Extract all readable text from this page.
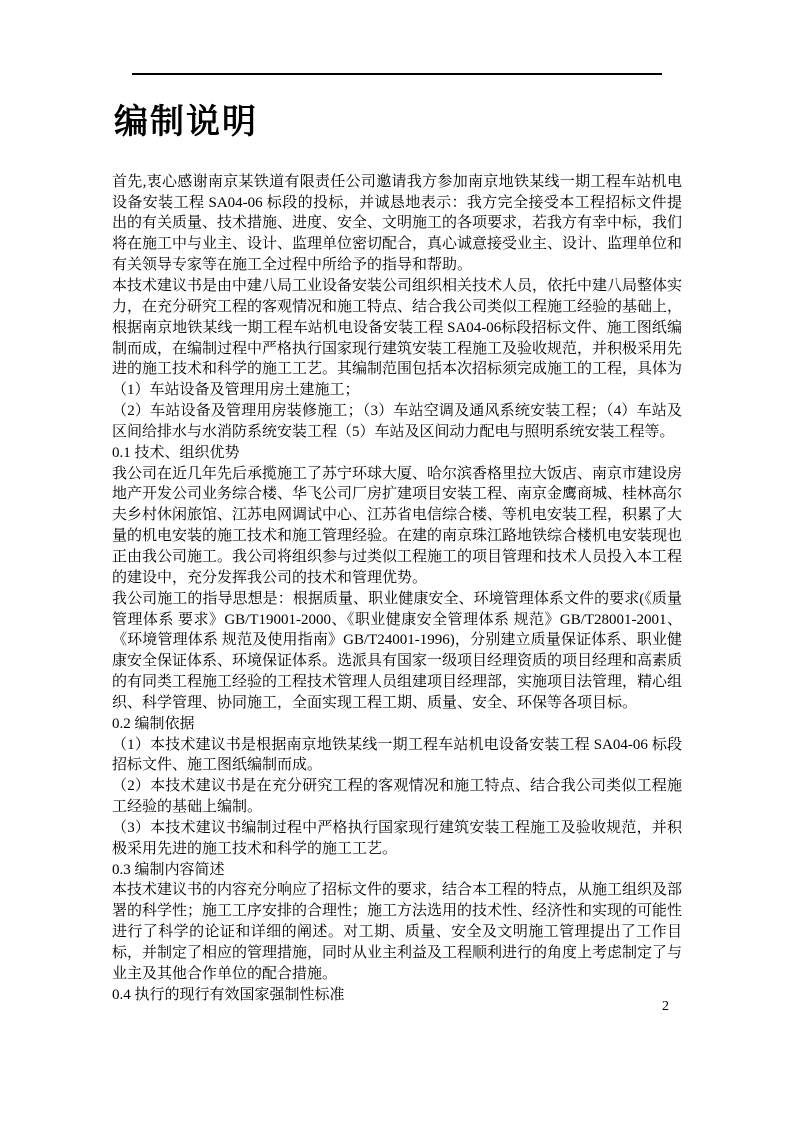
编制说明

首先,衷心感谢南京某铁道有限责任公司邀请我方参加南京地铁某线一期工程车站机电设备安装工程 SA04-06 标段的投标，并诚恳地表示：我方完全接受本工程招标文件提出的有关质量、技术措施、进度、安全、文明施工的各项要求，若我方有幸中标，我们将在施工中与业主、设计、监理单位密切配合，真心诚意接受业主、设计、监理单位和有关领导专家等在施工全过程中所给予的指导和帮助。

本技术建议书是由中建八局工业设备安装公司组织相关技术人员，依托中建八局整体实力，在充分研究工程的客观情况和施工特点、结合我公司类似工程施工经验的基础上，根据南京地铁某线一期工程车站机电设备安装工程 SA04-06标段招标文件、施工图纸编制而成，在编制过程中严格执行国家现行建筑安装工程施工及验收规范，并积极采用先进的施工技术和科学的施工工艺。其编制范围包括本次招标须完成施工的工程，具体为（1）车站设备及管理用房土建施工；

（2）车站设备及管理用房装修施工；（3）车站空调及通风系统安装工程；（4）车站及区间给排水与水消防系统安装工程（5）车站及区间动力配电与照明系统安装工程等。

0.1 技术、组织优势

我公司在近几年先后承揽施工了苏宁环球大厦、哈尔滨香格里拉大饭店、南京市建设房地产开发公司业务综合楼、华飞公司厂房扩建项目安装工程、南京金鹰商城、桂林高尔夫乡村休闲旅馆、江苏电网调试中心、江苏省电信综合楼、等机电安装工程，积累了大量的机电安装的施工技术和施工管理经验。在建的南京珠江路地铁综合楼机电安装现也正由我公司施工。我公司将组织参与过类似工程施工的项目管理和技术人员投入本工程的建设中，充分发挥我公司的技术和管理优势。

我公司施工的指导思想是：根据质量、职业健康安全、环境管理体系文件的要求(《质量管理体系 要求》GB/T19001-2000、《职业健康安全管理体系 规范》GB/T28001-2001、《环境管理体系 规范及使用指南》GB/T24001-1996)，分别建立质量保证体系、职业健康安全保证体系、环境保证体系。选派具有国家一级项目经理资质的项目经理和高素质的有同类工程施工经验的工程技术管理人员组建项目经理部，实施项目法管理，精心组织、科学管理、协同施工，全面实现工程工期、质量、安全、环保等各项目标。

0.2 编制依据

（1）本技术建议书是根据南京地铁某线一期工程车站机电设备安装工程 SA04-06 标段招标文件、施工图纸编制而成。

（2）本技术建议书是在充分研究工程的客观情况和施工特点、结合我公司类似工程施工经验的基础上编制。

（3）本技术建议书编制过程中严格执行国家现行建筑安装工程施工及验收规范，并积极采用先进的施工技术和科学的施工工艺。

0.3 编制内容简述

本技术建议书的内容充分响应了招标文件的要求，结合本工程的特点，从施工组织及部署的科学性；施工工序安排的合理性；施工方法选用的技术性、经济性和实现的可能性进行了科学的论证和详细的阐述。对工期、质量、安全及文明施工管理提出了工作目标，并制定了相应的管理措施，同时从业主利益及工程顺利进行的角度上考虑制定了与业主及其他合作单位的配合措施。

0.4 执行的现行有效国家强制性标准

2
